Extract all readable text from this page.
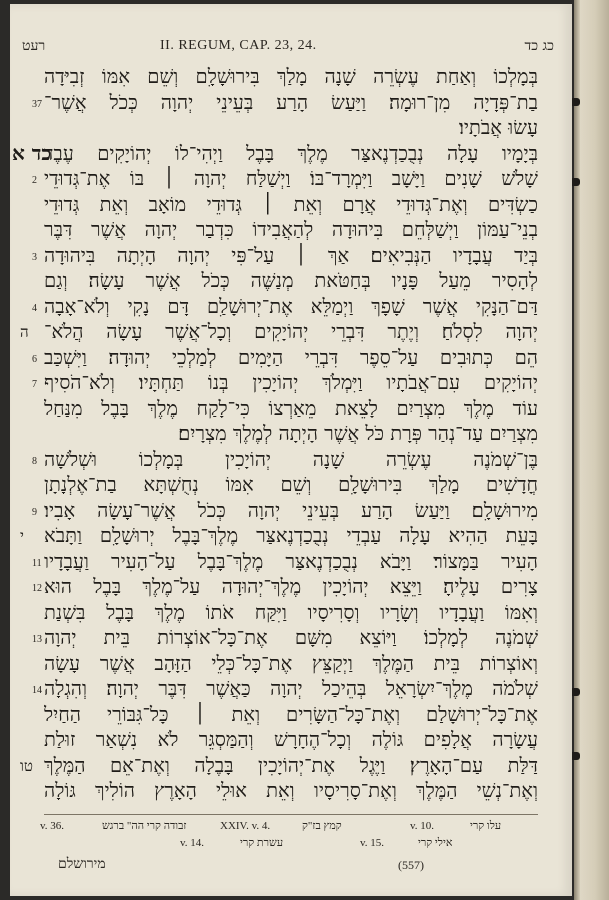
רעט	II. REGUM, CAP. 23, 24.	כג כד
בְּמָלְכוֹ וְאַחַת עֶשְׂרֵה שָׁנָה מָלַךְ בִּירוּשָׁלִָם וְשֵׁם אִמּוֹ זְבִיּדָה
בַת־פְּדָיָה מִן־רוּמָה׃ וַיַּעַשׂ הָרַע בְּעֵינֵי יְהוָה כְּכֹל אֲשֶׁר־
37
עָשׂוּ אֲבֹתָיו׃
בְּיָמָיו עָלָה נְבֻכַדְנֶאצַּר מֶלֶךְ בָּבֶל וַיְהִי־לוֹ יְהוֹיָקִים עֶבֶד
כד א
שָׁלֹשׁ שָׁנִים וַיָּשָׁב וַיִּמְרָד־בּוֹ׃ וַיְשַׁלַּח יְהוָה ׀ בּוֹ אֶת־גְּדוּדֵי
2
כַשְׂדִּים וְאֶת־גְּדוּדֵי אֲרָם וְאֵת ׀ גְּדוּדֵי מוֹאָב וְאֵת גְּדוּדֵי
בְנֵי־עַמּוֹן וַיְשַׁלְּחֵם בִּיהוּדָה לְהַאֲבִידוֹ כִּדְבַר יְהוָה אֲשֶׁר דִּבֶּר
בְּיַד עֲבָדָיו הַנְּבִיאִים׃ אַךְ ׀ עַל־פִּי יְהוָה הָיְתָה בִּיהוּדָה
3
לְהָסִיר מֵעַל פָּנָיו בְּחַטֹּאת מְנַשֶּׁה כְּכֹל אֲשֶׁר עָשָׂה׃ וְגַם
דַּם־הַנָּקִי אֲשֶׁר שָׁפָךְ וַיְמַלֵּא אֶת־יְרוּשָׁלִַם דָּם נָקִי וְלֹא־אָבָה
4
יְהוָה לִסְלֹחַ׃ וְיֶתֶר דִּבְרֵי יְהוֹיָקִים וְכָל־אֲשֶׁר עָשָׂה הֲלֹא־
ה
הֵם כְּתוּבִים עַל־סֵפֶר דִּבְרֵי הַיָּמִים לְמַלְכֵי יְהוּדָה׃ וַיִּשְׁכַּב
6
יְהוֹיָקִים עִם־אֲבֹתָיו וַיִּמְלֹךְ יְהוֹיָכִין בְּנוֹ תַּחְתָּיו׃ וְלֹא־הֹסִיף
7
עוֹד מֶלֶךְ מִצְרַיִם לָצֵאת מֵאַרְצוֹ כִּי־לָקַח מֶלֶךְ בָּבֶל מִנַּחַל
מִצְרַיִם עַד־נְהַר פְּרָת כֹּל אֲשֶׁר הָיְתָה לְמֶלֶךְ מִצְרָיִם׃
בֶּן־שְׁמֹנֶה עֶשְׂרֵה שָׁנָה יְהוֹיָכִין בְּמָלְכוֹ וּשְׁלֹשָׁה
8
חֳדָשִׁים מָלַךְ בִּירוּשָׁלִָם וְשֵׁם אִמּוֹ נְחֻשְׁתָּא בַת־אֶלְנָתָן
מִירוּשָׁלִָם׃ וַיַּעַשׂ הָרַע בְּעֵינֵי יְהוָה כְּכֹל אֲשֶׁר־עָשָׂה אָבִיו׃
9
בָּעֵת הַהִיא עָלָה עַבְדֵי נְבֻכַדְנֶאצַּר מֶלֶךְ־בָּבֶל יְרוּשָׁלִָם וַתָּבֹא
י
הָעִיר בַּמָּצוֹר׃ וַיָּבֹא נְבֻכַדְנֶאצַּר מֶלֶךְ־בָּבֶל עַל־הָעִיר וַעֲבָדָיו
11
צָרִים עָלֶיהָ׃ וַיֵּצֵא יְהוֹיָכִין מֶלֶךְ־יְהוּדָה עַל־מֶלֶךְ בָּבֶל הוּא
12
וְאִמּוֹ וַעֲבָדָיו וְשָׂרָיו וְסָרִיסָיו וַיִּקַּח אֹתוֹ מֶלֶךְ בָּבֶל בִּשְׁנַת
שְׁמֹנֶה לְמָלְכוֹ׃ וַיּוֹצֵא מִשָּׁם אֶת־כָּל־אוֹצְרוֹת בֵּית יְהוָה
13
וְאוֹצְרוֹת בֵּית הַמֶּלֶךְ וַיְקַצֵּץ אֶת־כָּל־כְּלֵי הַזָּהָב אֲשֶׁר עָשָׂה
שְׁלֹמֹה מֶלֶךְ־יִשְׂרָאֵל בְּהֵיכַל יְהוָה כַּאֲשֶׁר דִּבֶּר יְהוָה׃ וְהִגְלָה
14
אֶת־כָּל־יְרוּשָׁלַם וְאֶת־כָּל־הַשָּׂרִים וְאֵת ׀ כָּל־גִּבּוֹרֵי הַחַיִל
עֲשָׂרָה אֲלָפִים גּוֹלֶה וְכָל־הֶחָרָשׁ וְהַמַּסְגֵּר לֹא נִשְׁאַר זוּלַת
דַּלַּת עַם־הָאָרֶץ׃ וַיֶּגֶל אֶת־יְהוֹיָכִין בָּבֶלָה וְאֶת־אֵם הַמֶּלֶךְ
טו
וְאֶת־נְשֵׁי הַמֶּלֶךְ וְאֶת־סָרִיסָיו וְאֵת אוּלֵי הָאָרֶץ הוֹלִיךְ גּוֹלָה
v. 36.	זבודה קרי הה" ברגש	XXIV. v. 4.	קמץ בז"ק	v. 10.	עלו קרי
v. 14.	עשרת קרי	v. 15.	אילי קרי
מירושלם	(557)
